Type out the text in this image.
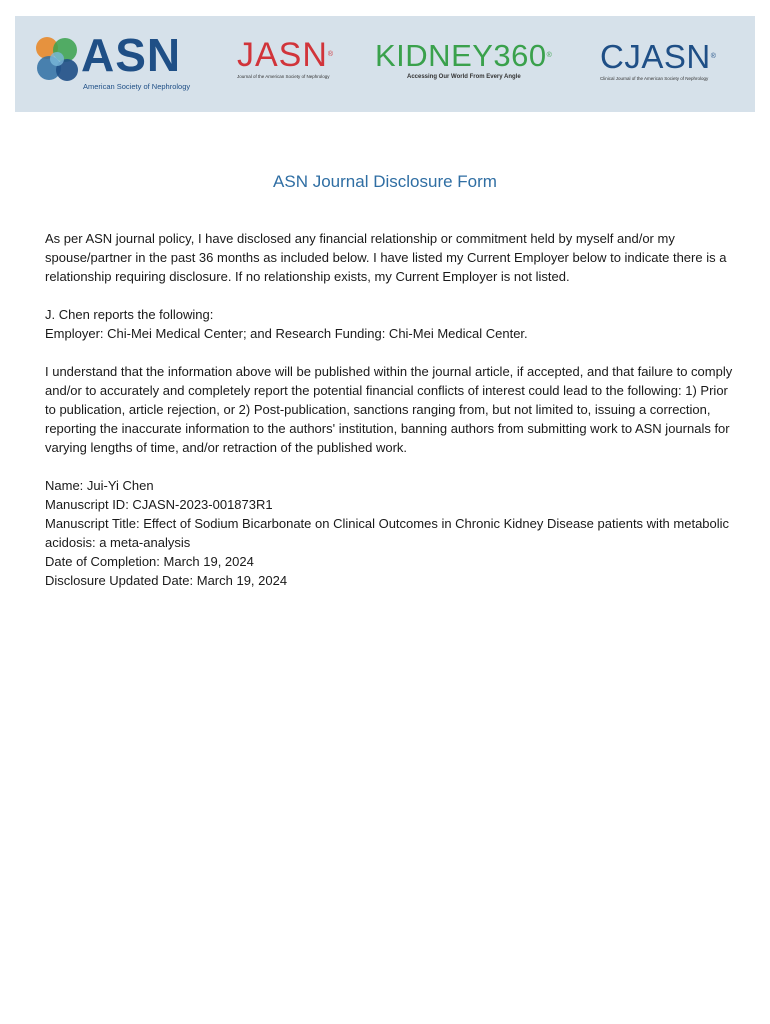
ASN
American Society of Nephrology
JASN®
Journal of the American Society of Nephrology
KIDNEY360®
Accessing Our World From Every Angle
CJASN®
Clinical Journal of the American Society of Nephrology
ASN Journal Disclosure Form

As per ASN journal policy, I have disclosed any financial relationship or commitment held by myself and/or my spouse/partner in the past 36 months as included below. I have listed my Current Employer below to indicate there is a relationship requiring disclosure. If no relationship exists, my Current Employer is not listed.

J. Chen reports the following:
Employer: Chi-Mei Medical Center; and Research Funding: Chi-Mei Medical Center.

I understand that the information above will be published within the journal article, if accepted, and that failure to comply and/or to accurately and completely report the potential financial conflicts of interest could lead to the following: 1) Prior to publication, article rejection, or 2) Post-publication, sanctions ranging from, but not limited to, issuing a correction, reporting the inaccurate information to the authors' institution, banning authors from submitting work to ASN journals for varying lengths of time, and/or retraction of the published work.

Name: Jui-Yi Chen
Manuscript ID: CJASN-2023-001873R1
Manuscript Title: Effect of Sodium Bicarbonate on Clinical Outcomes in Chronic Kidney Disease patients with metabolic acidosis: a meta-analysis
Date of Completion: March 19, 2024
Disclosure Updated Date: March 19, 2024
